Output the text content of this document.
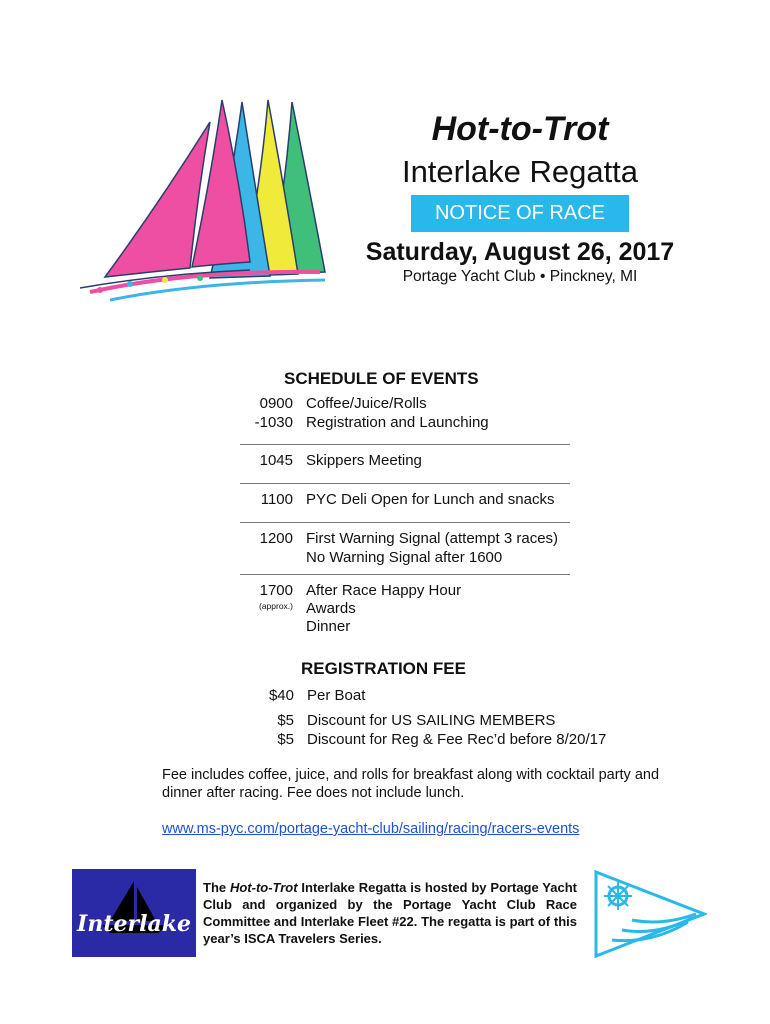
Hot-to-Trot
Interlake Regatta
NOTICE OF RACE
Saturday, August 26, 2017
Portage Yacht Club • Pinckney, MI
SCHEDULE OF EVENTS
0900 Coffee/Juice/Rolls
-1030 Registration and Launching
1045 Skippers Meeting
1100 PYC Deli Open for Lunch and snacks
1200 First Warning Signal (attempt 3 races)
No Warning Signal after 1600
1700
(approx.)
After Race Happy Hour
Awards
Dinner
REGISTRATION FEE
$40 Per Boat
$5 Discount for US SAILING MEMBERS
$5 Discount for Reg & Fee Rec’d before 8/20/17
Fee includes coffee, juice, and rolls for breakfast along with cocktail party and dinner after racing. Fee does not include lunch.
www.ms-pyc.com/portage-yacht-club/sailing/racing/racers-events
Interlake
The Hot-to-Trot Interlake Regatta is hosted by Portage Yacht Club and organized by the Portage Yacht Club Race Committee and Interlake Fleet #22. The regatta is part of this year’s ISCA Travelers Series.
